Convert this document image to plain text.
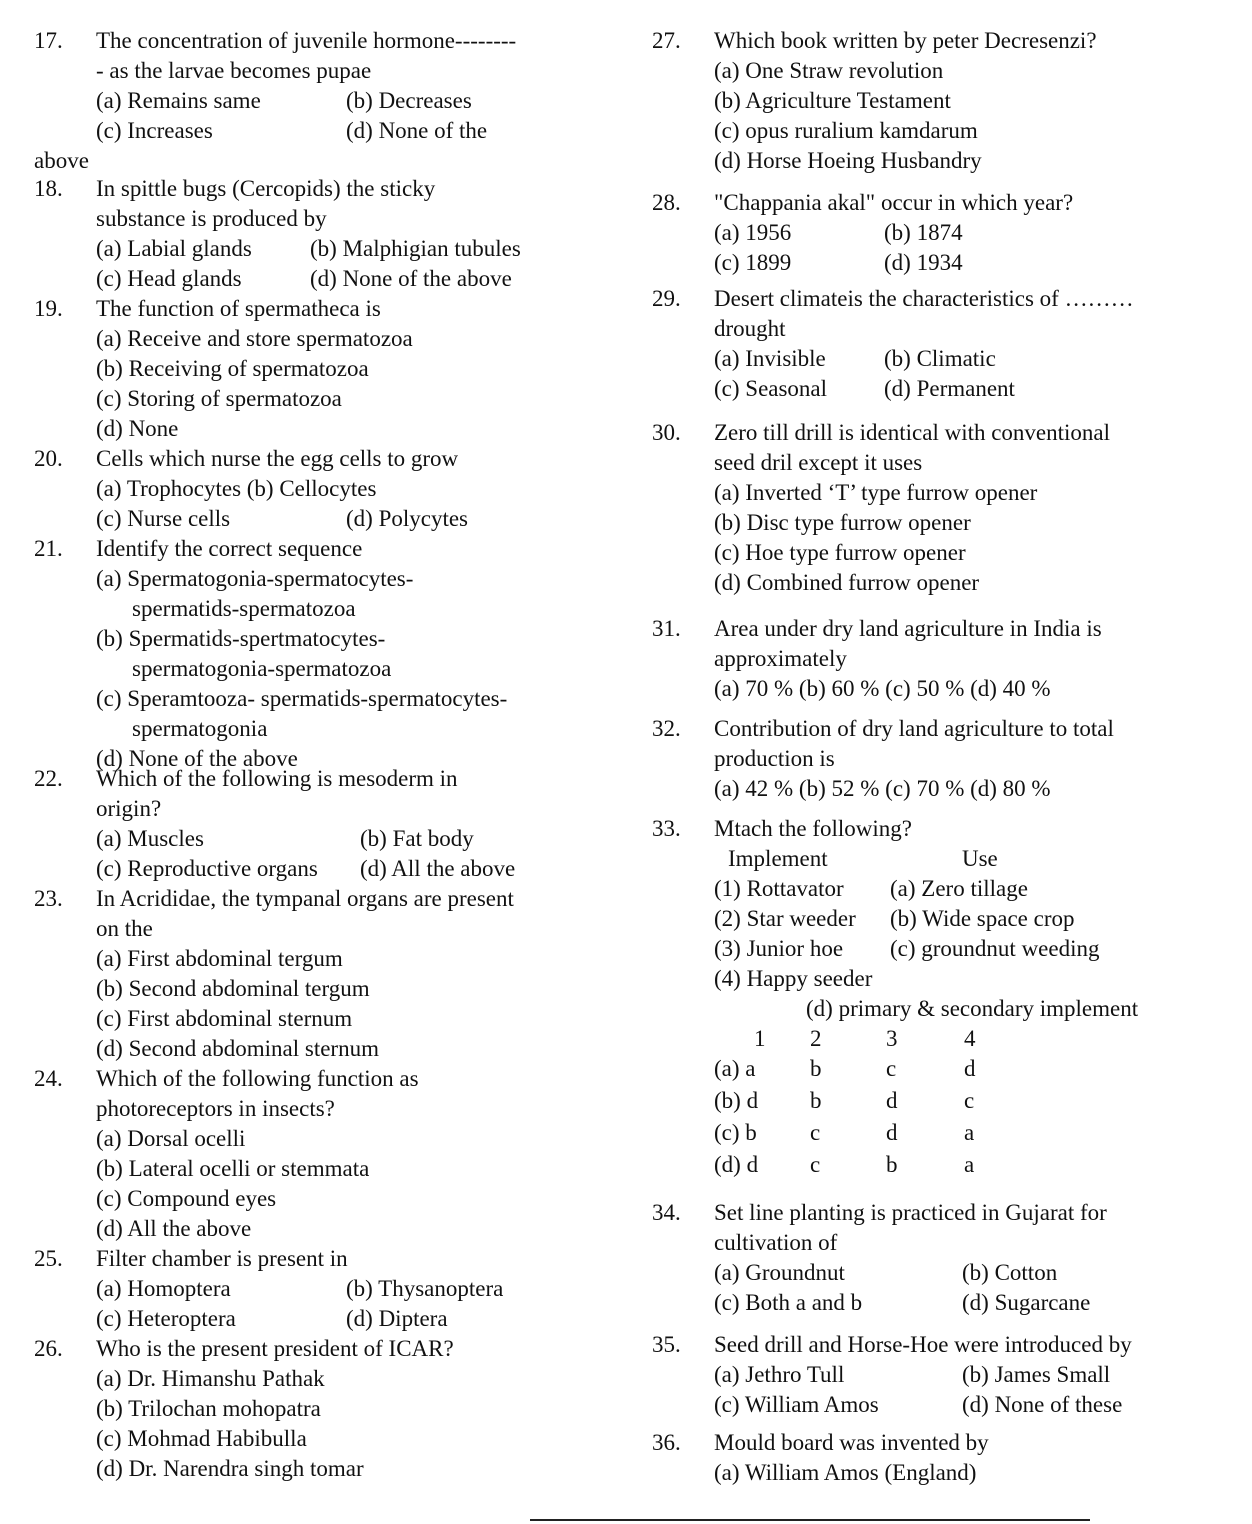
17. The concentration of juvenile hormone--------
- as the larvae becomes pupae
(a) Remains same	(b) Decreases
(c) Increases	(d) None of the
above
18. In spittle bugs (Cercopids) the sticky
substance is produced by
(a) Labial glands	(b) Malphigian tubules
(c) Head glands	(d) None of the above
19. The function of spermatheca is
(a) Receive and store spermatozoa
(b) Receiving of spermatozoa
(c) Storing of spermatozoa
(d) None
20. Cells which nurse the egg cells to grow
(a) Trophocytes (b) Cellocytes
(c) Nurse cells	(d) Polycytes
21. Identify the correct sequence
(a) Spermatogonia-spermatocytes-
spermatids-spermatozoa
(b) Spermatids-spertmatocytes-
spermatogonia-spermatozoa
(c) Speramtooza- spermatids-spermatocytes-
spermatogonia
(d) None of the above
22. Which of the following is mesoderm in
origin?
(a) Muscles	(b) Fat body
(c) Reproductive organs (d) All the above
23. In Acrididae, the tympanal organs are present
on the
(a) First abdominal tergum
(b) Second abdominal tergum
(c) First abdominal sternum
(d) Second abdominal sternum
24. Which of the following function as
photoreceptors in insects?
(a) Dorsal ocelli
(b) Lateral ocelli or stemmata
(c) Compound eyes
(d) All the above
25. Filter chamber is present in
(a) Homoptera	(b) Thysanoptera
(c) Heteroptera	(d) Diptera
26. Who is the present president of ICAR?
(a) Dr. Himanshu Pathak
(b) Trilochan mohopatra
(c) Mohmad Habibulla
(d) Dr. Narendra singh tomar
27. Which book written by peter Decresenzi?
(a) One Straw revolution
(b) Agriculture Testament
(c) opus ruralium kamdarum
(d) Horse Hoeing Husbandry
28. "Chappania akal" occur in which year?
(a) 1956	(b) 1874
(c) 1899	(d) 1934
29. Desert climateis the characteristics of ………
drought
(a) Invisible	(b) Climatic
(c) Seasonal (d) Permanent
30. Zero till drill is identical with conventional
seed dril except it uses
(a) Inverted ‘T’ type furrow opener
(b) Disc type furrow opener
(c) Hoe type furrow opener
(d) Combined furrow opener
31. Area under dry land agriculture in India is
approximately
(a) 70 % (b) 60 % (c) 50 % (d) 40 %
32. Contribution of dry land agriculture to total
production is
(a) 42 % (b) 52 % (c) 70 % (d) 80 %
33. Mtach the following?
Implement	Use
(1) Rottavator (a) Zero tillage
(2) Star weeder (b) Wide space crop
(3) Junior hoe (c) groundnut weeding
(4) Happy seeder
(d) primary & secondary implement
1 2	3	4
(a) a b	c	d
(b) d b	d	c
(c) b c	d	a
(d) d c	b	a
34. Set line planting is practiced in Gujarat for
cultivation of
(a) Groundnut	(b) Cotton
(c) Both a and b	(d) Sugarcane
35. Seed drill and Horse-Hoe were introduced by
(a) Jethro Tull	(b) James Small
(c) William Amos	(d) None of these
36. Mould board was invented by
(a) William Amos (England)
